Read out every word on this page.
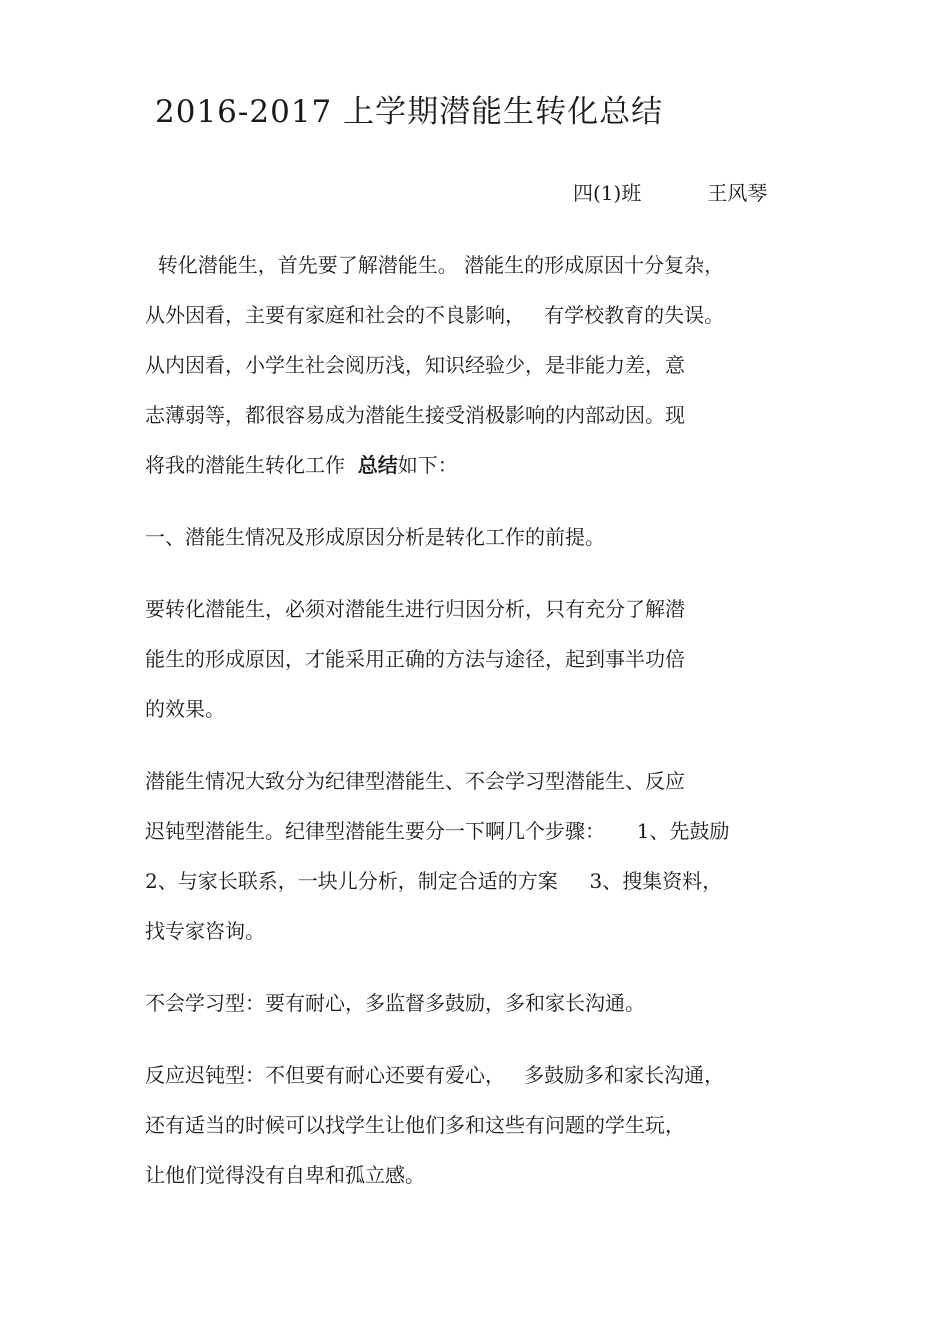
2016-2017 上学期潜能生转化总结
四(1)班	王风琴
转化潜能生，首先要了解潜能生。 潜能生的形成原因十分复杂，
从外因看，主要有家庭和社会的不良影响，   有学校教育的失误。
从内因看，小学生社会阅历浅，知识经验少，是非能力差，意
志薄弱等，都很容易成为潜能生接受消极影响的内部动因。现
将我的潜能生转化工作  总结如下：
一、潜能生情况及形成原因分析是转化工作的前提。
要转化潜能生，必须对潜能生进行归因分析，只有充分了解潜
能生的形成原因，才能采用正确的方法与途径，起到事半功倍
的效果。
潜能生情况大致分为纪律型潜能生、不会学习型潜能生、反应
迟钝型潜能生。纪律型潜能生要分一下啊几个步骤：     1、先鼓励
2、与家长联系，一块儿分析，制定合适的方案     3、搜集资料，
找专家咨询。
不会学习型：要有耐心，多监督多鼓励，多和家长沟通。
反应迟钝型：不但要有耐心还要有爱心，   多鼓励多和家长沟通，
还有适当的时候可以找学生让他们多和这些有问题的学生玩，
让他们觉得没有自卑和孤立感。
